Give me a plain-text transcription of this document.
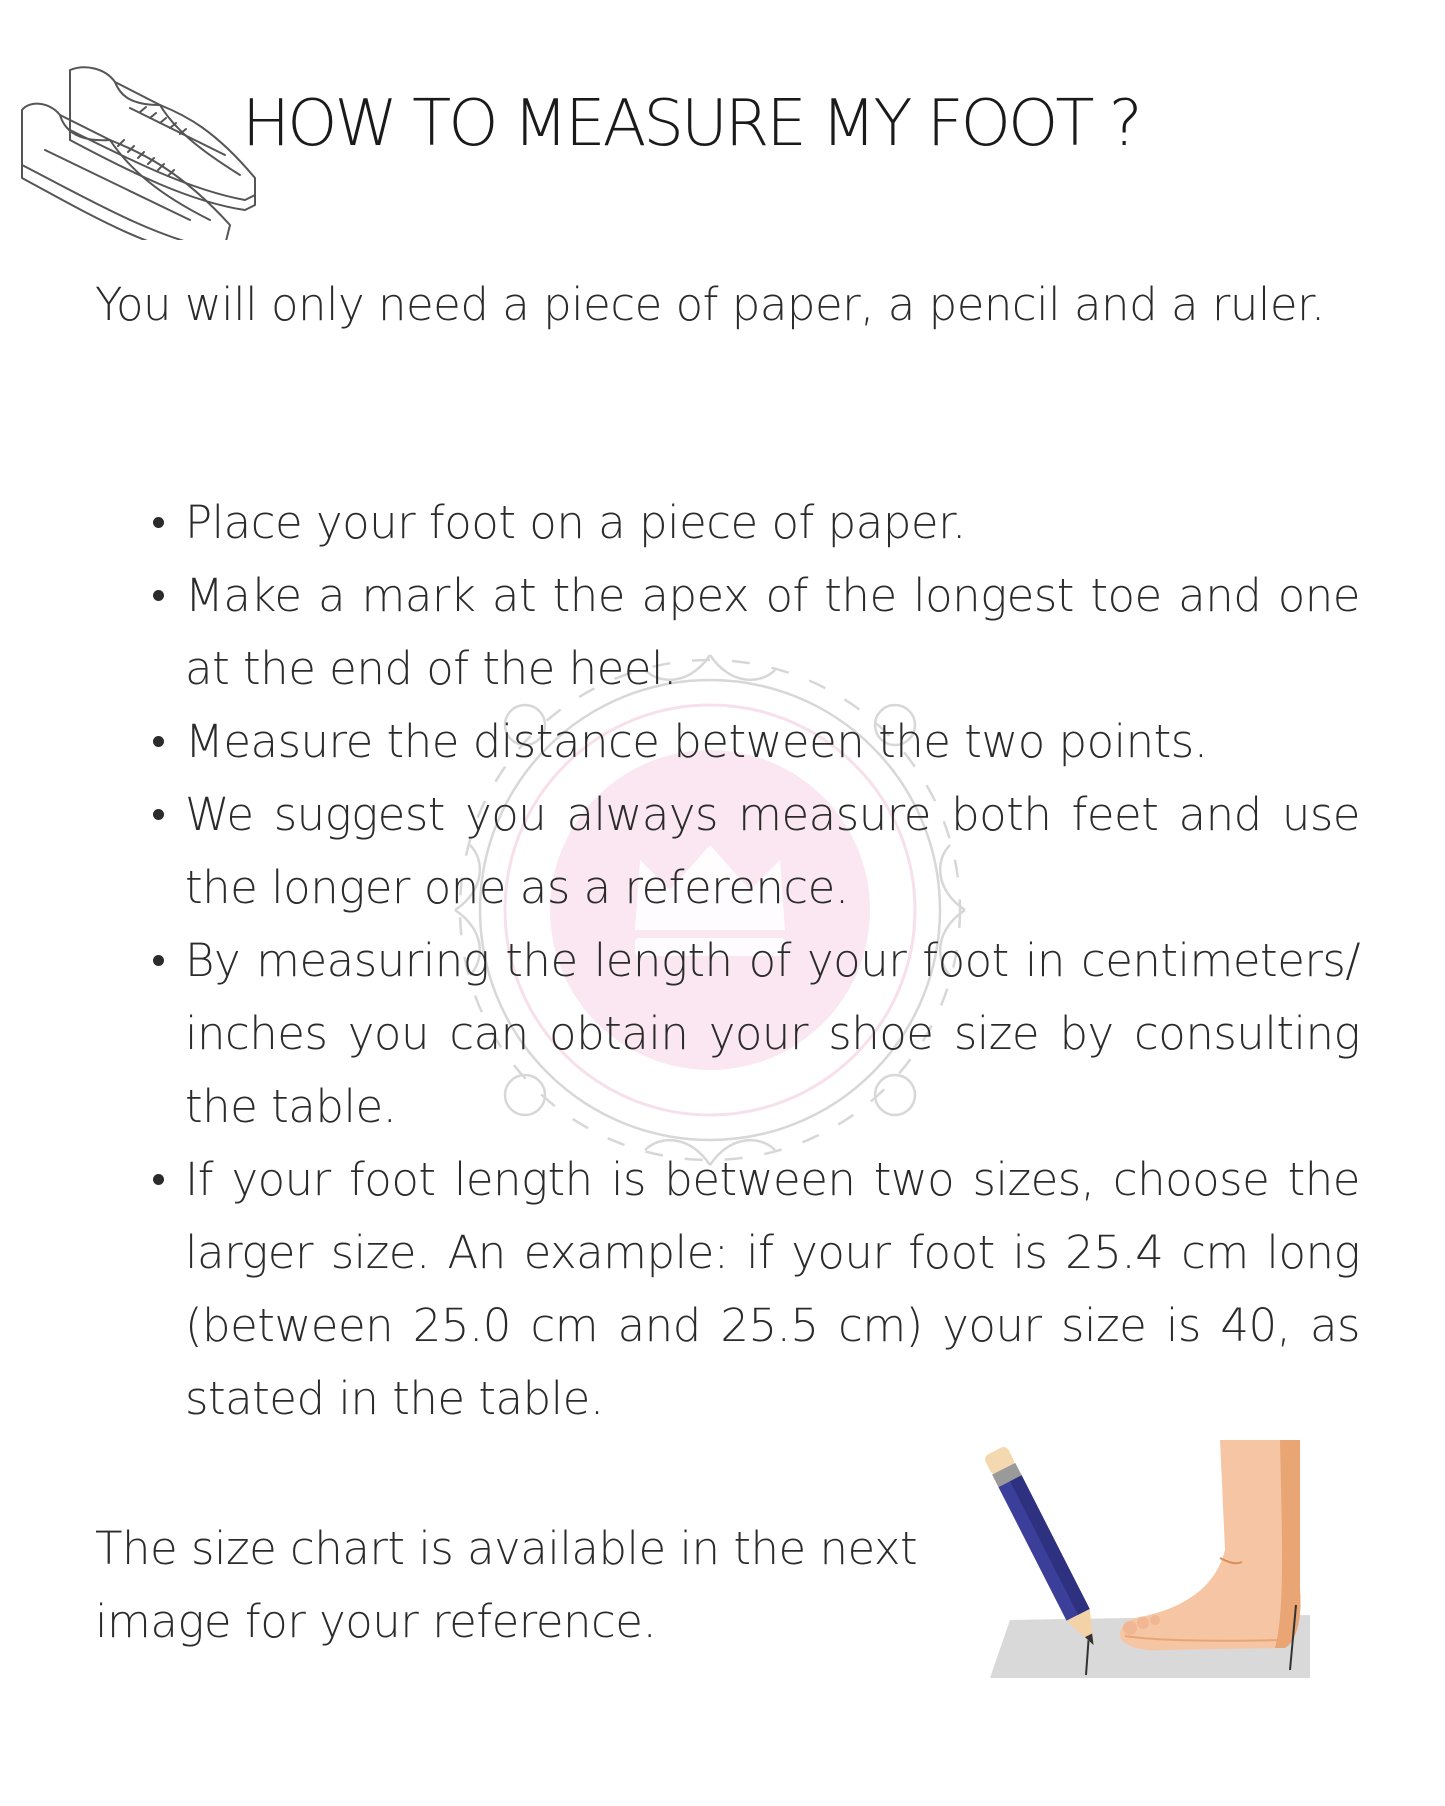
HOW TO MEASURE MY FOOT ?

You will only need a piece of paper, a pencil and a ruler.

Place your foot on a piece of paper.
Make a mark at the apex of the longest toe and one at the end of the heel.
Measure the distance between the two points.
We suggest you always measure both feet and use the longer one as a reference.
By measuring the length of your foot in centimeters/ inches you can obtain your shoe size by consulting the table.
If your foot length is between two sizes, choose the larger size. An example: if your foot is 25.4 cm long (between 25.0 cm and 25.5 cm) your size is 40, as stated in the table.

The size chart is available in the next image for your reference.
